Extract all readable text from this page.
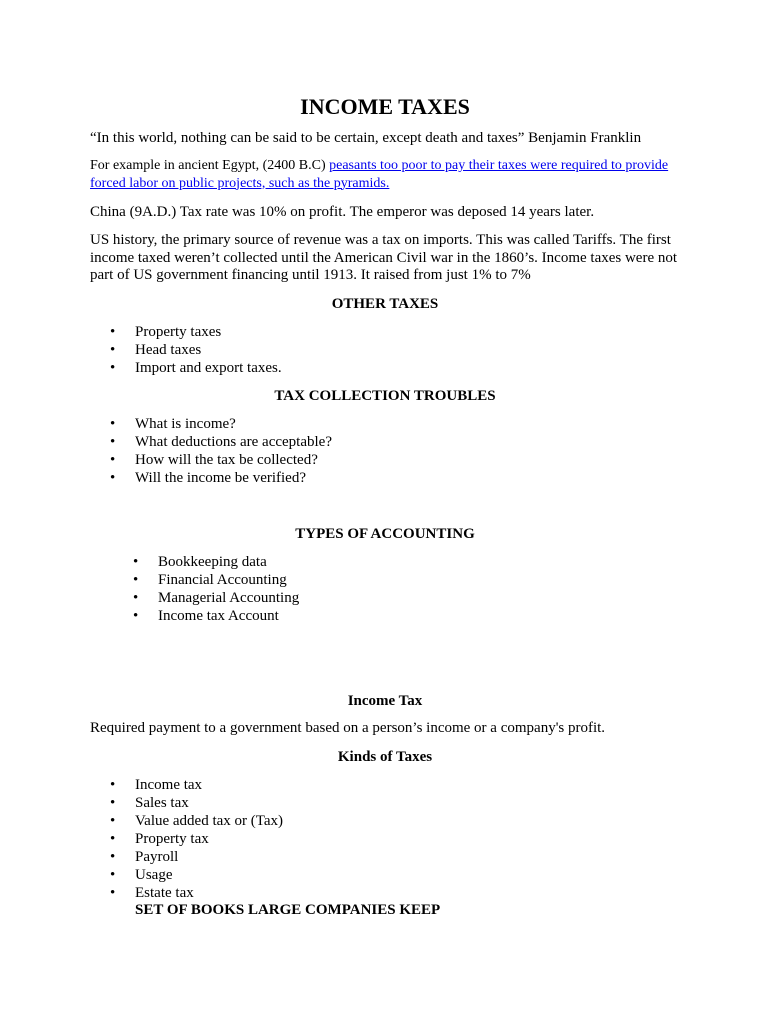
INCOME TAXES

“In this world, nothing can be said to be certain, except death and taxes” Benjamin Franklin

For example in ancient Egypt, (2400 B.C) peasants too poor to pay their taxes were required to provide forced labor on public projects, such as the pyramids.

China (9A.D.) Tax rate was 10% on profit. The emperor was deposed 14 years later.

US history, the primary source of revenue was a tax on imports. This was called Tariffs. The first income taxed weren’t collected until the American Civil war in the 1860’s. Income taxes were not part of US government financing until 1913. It raised from just 1% to 7%

OTHER TAXES
• Property taxes
• Head taxes
• Import and export taxes.
TAX COLLECTION TROUBLES
• What is income?
• What deductions are acceptable?
• How will the tax be collected?
• Will the income be verified?
TYPES OF ACCOUNTING
• Bookkeeping data
• Financial Accounting
• Managerial Accounting
• Income tax Account
Income Tax

Required payment to a government based on a person’s income or a company's profit.

Kinds of Taxes
• Income tax
• Sales tax
• Value added tax or (Tax)
• Property tax
• Payroll
• Usage
• Estate tax

SET OF BOOKS LARGE COMPANIES KEEP
